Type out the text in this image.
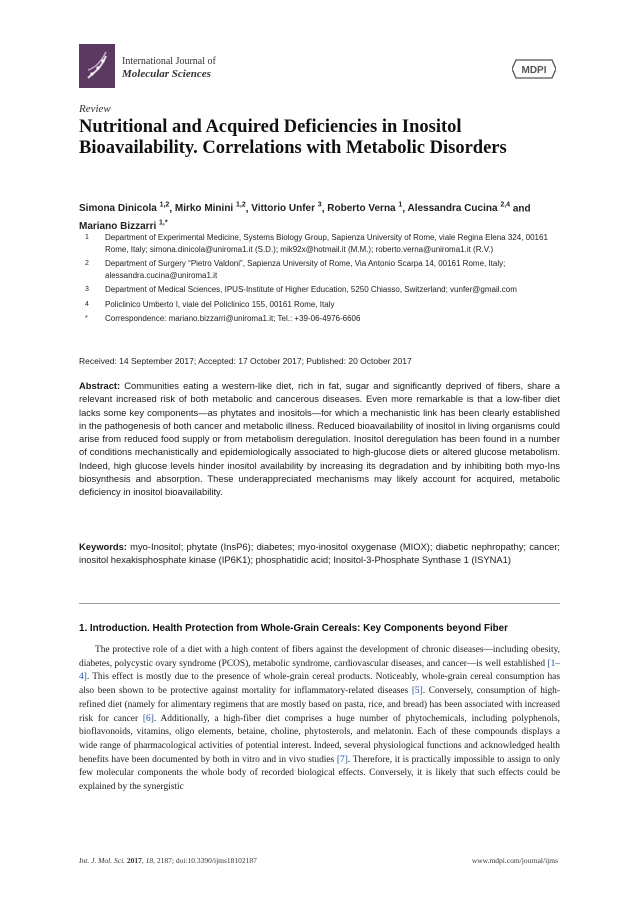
International Journal of
Molecular Sciences	MDPI
Review
Nutritional and Acquired Deficiencies in Inositol Bioavailability. Correlations with Metabolic Disorders
Simona Dinicola $^{1,2}$, Mirko Minini $^{1,2}$, Vittorio Unfer $^3$, Roberto Verna $^1$, Alessandra Cucina $^{2,4}$ and Mariano Bizzarri $^{1,*}$
1	Department of Experimental Medicine, Systems Biology Group, Sapienza University of Rome, viale Regina Elena 324, 00161 Rome, Italy; simona.dinicola@uniroma1.it (S.D.); mik92x@hotmail.it (M.M.); roberto.verna@uniroma1.it (R.V.)
2	Department of Surgery “Pietro Valdoni”, Sapienza University of Rome, Via Antonio Scarpa 14, 00161 Rome, Italy; alessandra.cucina@uniroma1.it
3	Department of Medical Sciences, IPUS-Institute of Higher Education, 5250 Chiasso, Switzerland; vunfer@gmail.com
4	Policlinico Umberto I, viale del Policlinico 155, 00161 Rome, Italy
*	Correspondence: mariano.bizzarri@uniroma1.it; Tel.: +39-06-4976-6606
Received: 14 September 2017; Accepted: 17 October 2017; Published: 20 October 2017
Abstract: Communities eating a western-like diet, rich in fat, sugar and significantly deprived of fibers, share a relevant increased risk of both metabolic and cancerous diseases. Even more remarkable is that a low-fiber diet lacks some key components—as phytates and inositols—for which a mechanistic link has been clearly established in the pathogenesis of both cancer and metabolic illness. Reduced bioavailability of inositol in living organisms could arise from reduced food supply or from metabolism deregulation. Inositol deregulation has been found in a number of conditions mechanistically and epidemiologically associated to high-glucose diets or altered glucose metabolism. Indeed, high glucose levels hinder inositol availability by increasing its degradation and by inhibiting both myo-Ins biosynthesis and absorption. These underappreciated mechanisms may likely account for acquired, metabolic deficiency in inositol bioavailability.
Keywords: myo-Inositol; phytate (InsP6); diabetes; myo-inositol oxygenase (MIOX); diabetic nephropathy; cancer; inositol hexakisphosphate kinase (IP6K1); phosphatidic acid; Inositol-3-Phosphate Synthase 1 (ISYNA1)
1. Introduction. Health Protection from Whole-Grain Cereals: Key Components beyond Fiber
The protective role of a diet with a high content of fibers against the development of chronic diseases—including obesity, diabetes, polycystic ovary syndrome (PCOS), metabolic syndrome, cardiovascular diseases, and cancer—is well established [1–4]. This effect is mostly due to the presence of whole-grain cereal products. Noticeably, whole-grain cereal consumption has also been shown to be protective against mortality for inflammatory-related diseases [5]. Conversely, consumption of high-refined diet (namely for alimentary regimens that are mostly based on pasta, rice, and bread) has been associated with increased risk for cancer [6]. Additionally, a high-fiber diet comprises a huge number of phytochemicals, including polyphenols, bioflavonoids, vitamins, oligo elements, betaine, choline, phytosterols, and melatonin. Each of these compounds displays a wide range of pharmacological activities of potential interest. Indeed, several physiological functions and acknowledged health benefits have been documented by both in vitro and in vivo studies [7]. Therefore, it is practically impossible to assign to only few molecular components the whole body of recorded biological effects. Conversely, it is likely that such effects could be explained by the synergistic
Int. J. Mol. Sci. 2017, 18, 2187; doi:10.3390/ijms18102187	www.mdpi.com/journal/ijms
